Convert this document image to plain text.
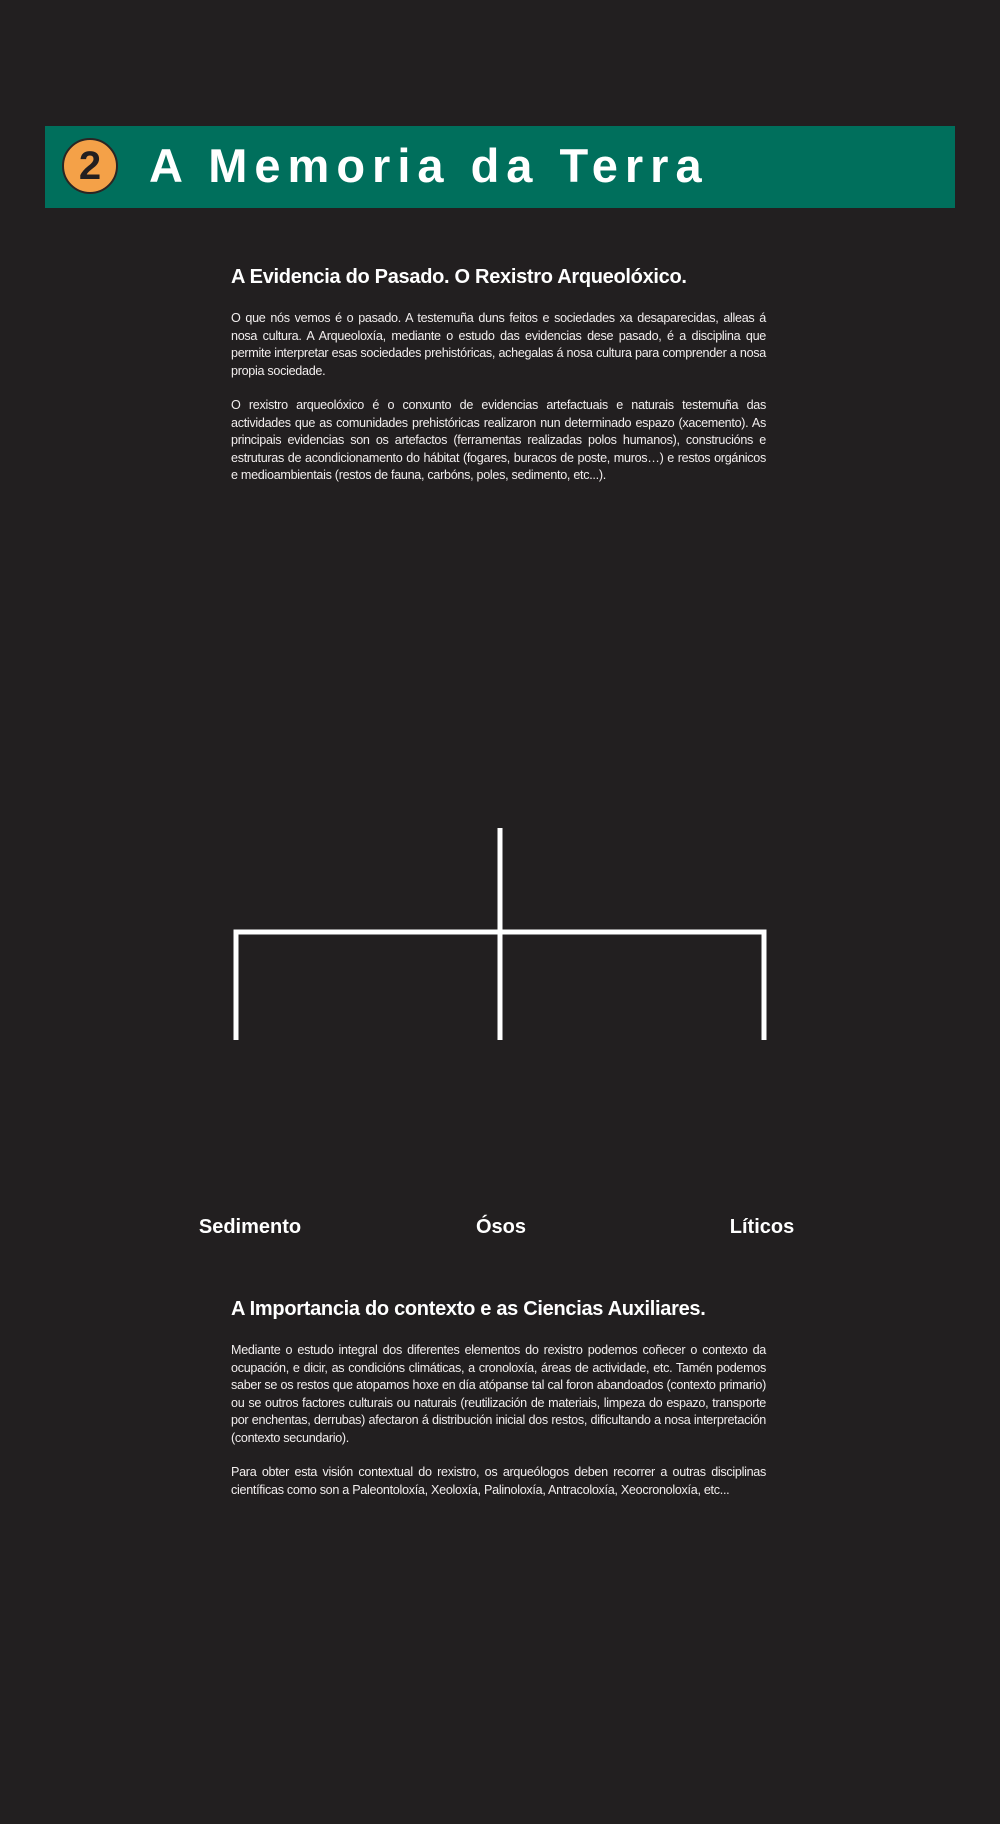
2	A Memoria da Terra
A Evidencia do Pasado. O Rexistro Arqueolóxico.

O que nós vemos é o pasado. A testemuña duns feitos e sociedades xa desaparecidas, alleas á nosa cultura. A Arqueoloxía, mediante o estudo das evidencias dese pasado, é a disciplina que permite interpretar esas sociedades prehistóricas, achegalas á nosa cultura para comprender a nosa propia sociedade.

O rexistro arqueolóxico é o conxunto de evidencias artefactuais e naturais testemuña das actividades que as comunidades prehistóricas realizaron nun determinado espazo (xacemento). As principais evidencias son os artefactos (ferramentas realizadas polos humanos), construcións e estruturas de acondicionamento do hábitat (fogares, buracos de poste, muros…) e restos orgánicos e medioambientais (restos de fauna, carbóns, poles, sedimento, etc...).

Sedimento	Ósos	Líticos
A Importancia do contexto e as Ciencias Auxiliares.

Mediante o estudo integral dos diferentes elementos do rexistro podemos coñecer o contexto da ocupación, e dicir, as condicións climáticas, a cronoloxía, áreas de actividade, etc. Tamén podemos saber se os restos que atopamos hoxe en día atópanse tal cal foron abandoados (contexto primario) ou se outros factores culturais ou naturais (reutilización de materiais, limpeza do espazo, transporte por enchentas, derrubas) afectaron á distribución inicial dos restos, dificultando a nosa interpretación (contexto secundario).

Para obter esta visión contextual do rexistro, os arqueólogos deben recorrer a outras disciplinas científicas como son a Paleontoloxía, Xeoloxía, Palinoloxía, Antracoloxía, Xeocronoloxía, etc...
